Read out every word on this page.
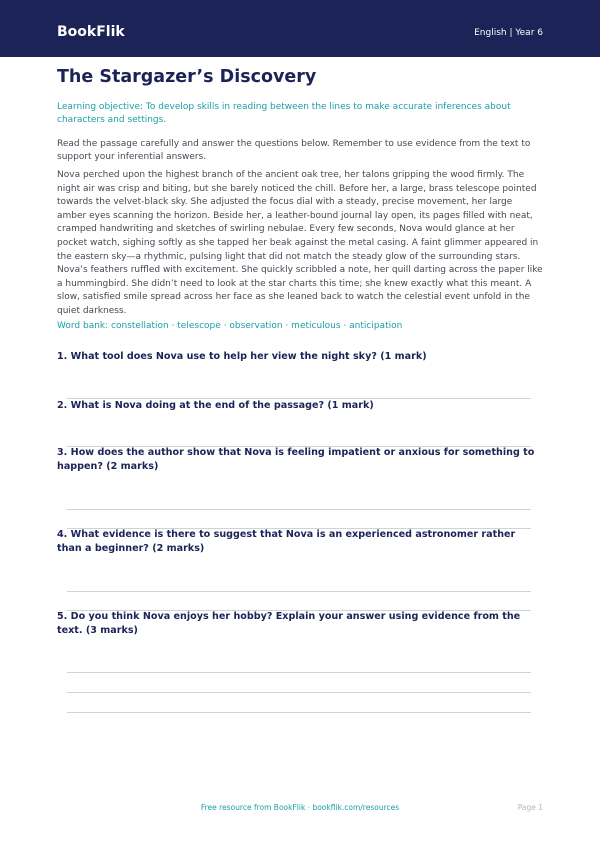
BookFlik	English | Year 6
The Stargazer’s Discovery
Learning objective: To develop skills in reading between the lines to make accurate inferences about characters and settings.
Read the passage carefully and answer the questions below. Remember to use evidence from the text to support your inferential answers.
Nova perched upon the highest branch of the ancient oak tree, her talons gripping the wood firmly. The night air was crisp and biting, but she barely noticed the chill. Before her, a large, brass telescope pointed towards the velvet-black sky. She adjusted the focus dial with a steady, precise movement, her large amber eyes scanning the horizon. Beside her, a leather-bound journal lay open, its pages filled with neat, cramped handwriting and sketches of swirling nebulae. Every few seconds, Nova would glance at her pocket watch, sighing softly as she tapped her beak against the metal casing. A faint glimmer appeared in the eastern sky—a rhythmic, pulsing light that did not match the steady glow of the surrounding stars. Nova’s feathers ruffled with excitement. She quickly scribbled a note, her quill darting across the paper like a hummingbird. She didn’t need to look at the star charts this time; she knew exactly what this meant. A slow, satisfied smile spread across her face as she leaned back to watch the celestial event unfold in the quiet darkness.
Word bank: constellation · telescope · observation · meticulous · anticipation
1. What tool does Nova use to help her view the night sky? (1 mark)
2. What is Nova doing at the end of the passage? (1 mark)
3. How does the author show that Nova is feeling impatient or anxious for something to happen? (2 marks)
4. What evidence is there to suggest that Nova is an experienced astronomer rather than a beginner? (2 marks)
5. Do you think Nova enjoys her hobby? Explain your answer using evidence from the text. (3 marks)
Free resource from BookFlik · bookflik.com/resources	Page 1
